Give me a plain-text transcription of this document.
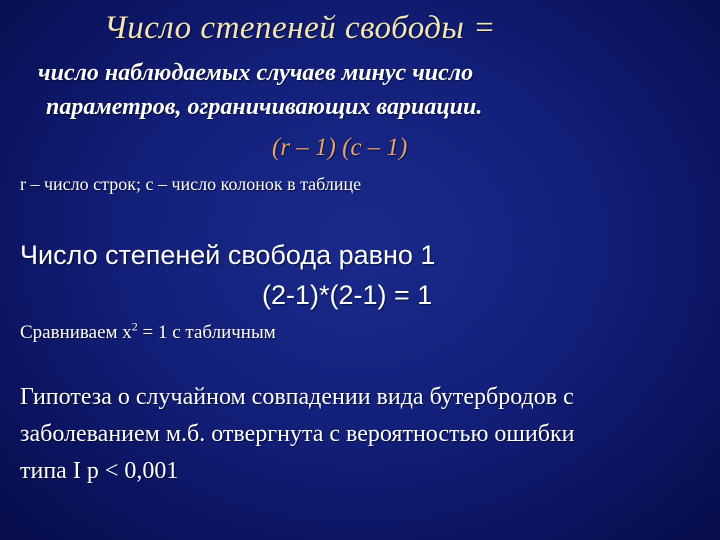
Число степеней свободы =
число наблюдаемых случаев минус число
параметров, ограничивающих вариации.
(r – 1) (c – 1)
r – число строк; с – число колонок в таблице
Число степеней свобода равно 1
(2-1)*(2-1) = 1
Сравниваем $х^2 = 1$ с табличным
Гипотеза о случайном совпадении вида бутербродов с
заболеванием м.б. отвергнута с вероятностью ошибки
типа I р < 0,001
